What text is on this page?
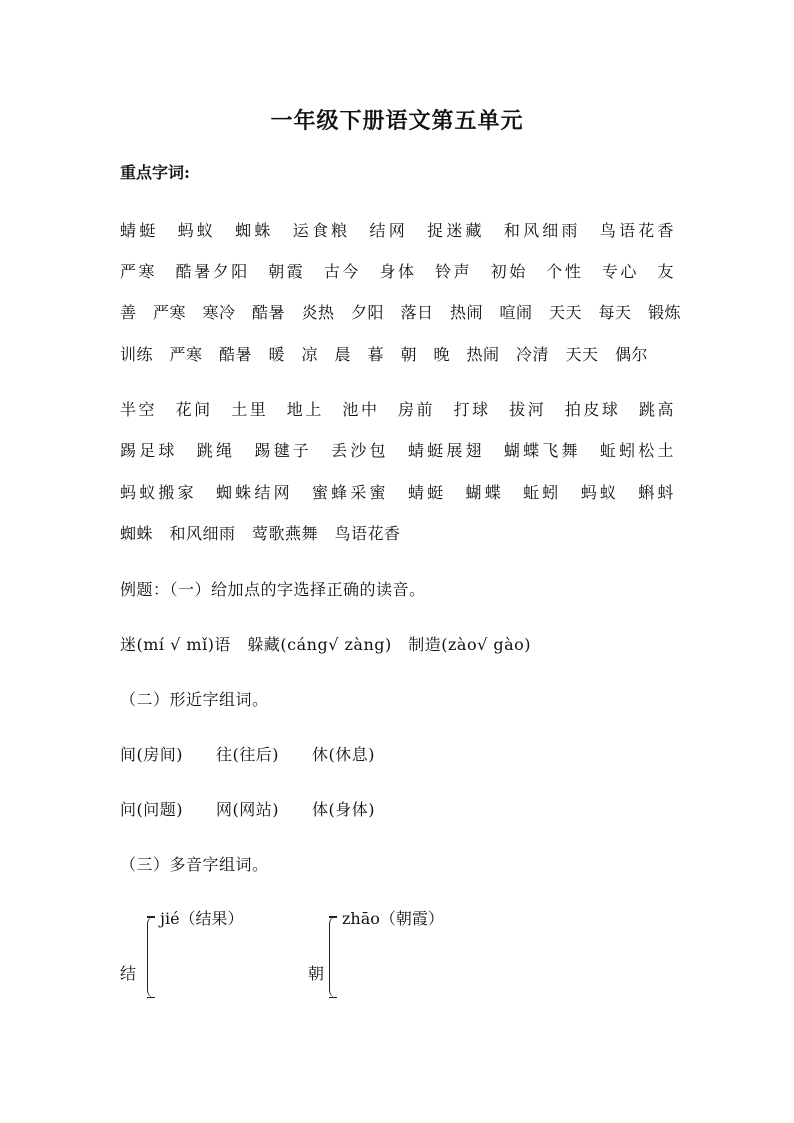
一年级下册语文第五单元
重点字词:
蜻蜓　蚂蚁　蜘蛛　运食粮　结网　捉迷藏　和风细雨　鸟语花香
严寒　酷暑夕阳　朝霞　古今　身体　铃声　初始　个性　专心　友
善　严寒　寒冷　酷暑　炎热　夕阳　落日　热闹　喧闹　天天　每天　锻炼
训练　严寒　酷暑　暖　凉　晨　暮　朝　晚　热闹　冷清　天天　偶尔
半空　花间　土里　地上　池中　房前　打球　拔河　拍皮球　跳高
踢足球　跳绳　踢毽子　丢沙包　蜻蜓展翅　蝴蝶飞舞　蚯蚓松土
蚂蚁搬家　蜘蛛结网　蜜蜂采蜜　蜻蜓　蝴蝶　蚯蚓　蚂蚁　蝌蚪
蜘蛛　和风细雨　莺歌燕舞　鸟语花香
例题：（一）给加点的字选择正确的读音。
迷(mí √ mǐ)语　躲藏(cáng√ zàng)　制造(zào√ gào)
（二）形近字组词。
间(房间)　　往(往后)　　休(休息)
问(问题)　　网(网站)　　体(身体)
（三）多音字组词。
jié（结果）
结
zhāo（朝霞）
朝
